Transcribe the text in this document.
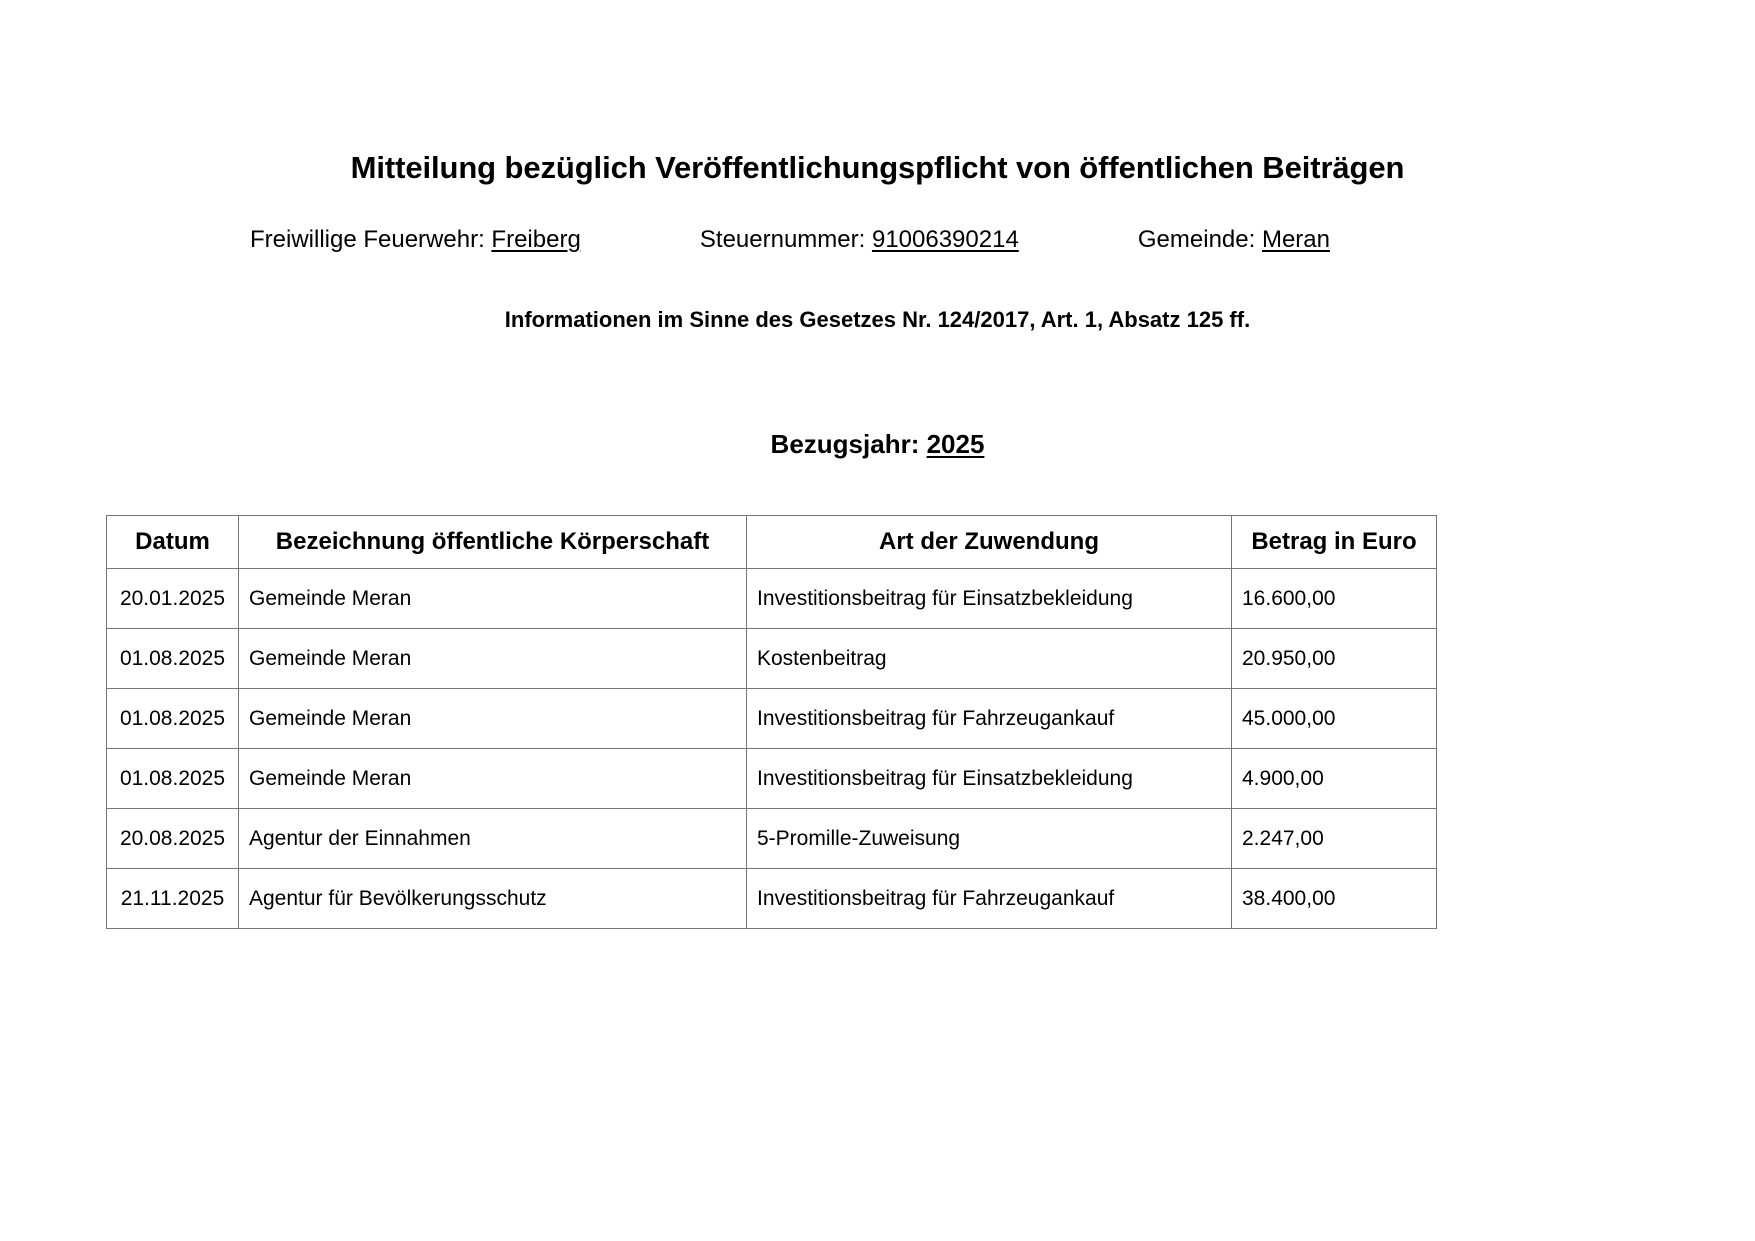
Mitteilung bezüglich Veröffentlichungspflicht von öffentlichen Beiträgen
Freiwillige Feuerwehr: Freiberg	Steuernummer: 91006390214	Gemeinde: Meran
Informationen im Sinne des Gesetzes Nr. 124/2017, Art. 1, Absatz 125 ff.
Bezugsjahr: 2025
Datum	Bezeichnung öffentliche Körperschaft	Art der Zuwendung	Betrag in Euro
20.01.2025	Gemeinde Meran	Investitionsbeitrag für Einsatzbekleidung	16.600,00
01.08.2025	Gemeinde Meran	Kostenbeitrag	20.950,00
01.08.2025	Gemeinde Meran	Investitionsbeitrag für Fahrzeugankauf	45.000,00
01.08.2025	Gemeinde Meran	Investitionsbeitrag für Einsatzbekleidung	4.900,00
20.08.2025	Agentur der Einnahmen	5-Promille-Zuweisung	2.247,00
21.11.2025	Agentur für Bevölkerungsschutz	Investitionsbeitrag für Fahrzeugankauf	38.400,00
